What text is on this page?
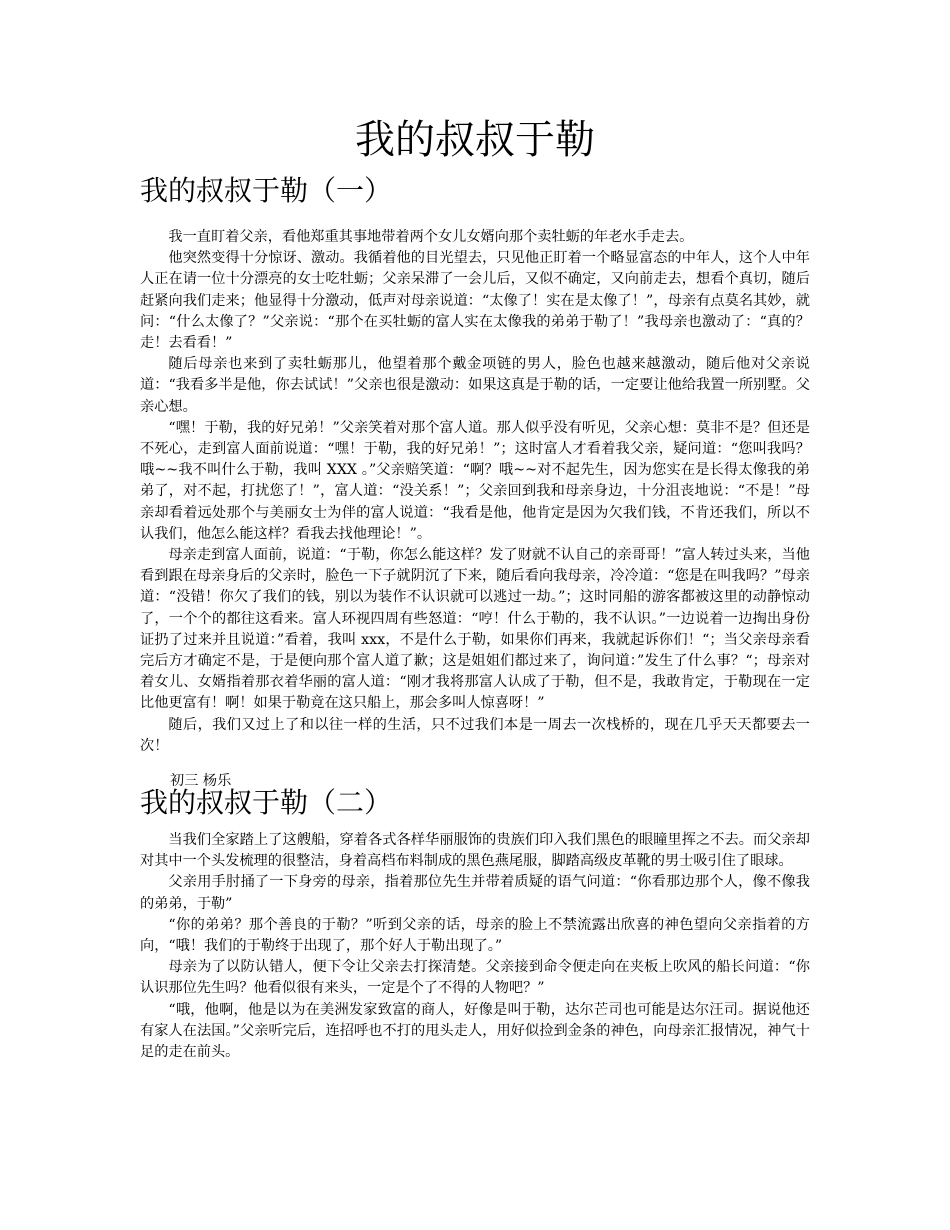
我的叔叔于勒
我的叔叔于勒（一）

我一直盯着父亲，看他郑重其事地带着两个女儿女婿向那个卖牡蛎的年老水手走去。

他突然变得十分惊讶、激动。我循着他的目光望去，只见他正盯着一个略显富态的中年人，这个人中年人正在请一位十分漂亮的女士吃牡蛎；父亲呆滞了一会儿后，又似不确定，又向前走去，想看个真切，随后赶紧向我们走来；他显得十分激动，低声对母亲说道：“太像了！实在是太像了！”，母亲有点莫名其妙，就问：“什么太像了？”父亲说：“那个在买牡蛎的富人实在太像我的弟弟于勒了！”我母亲也激动了：“真的？走！去看看！”

随后母亲也来到了卖牡蛎那儿，他望着那个戴金项链的男人，脸色也越来越激动，随后他对父亲说道：“我看多半是他，你去试试！”父亲也很是激动：如果这真是于勒的话，一定要让他给我置一所别墅。父亲心想。

“嘿！于勒，我的好兄弟！”父亲笑着对那个富人道。那人似乎没有听见，父亲心想：莫非不是？但还是不死心，走到富人面前说道：“嘿！于勒，我的好兄弟！”；这时富人才看着我父亲，疑问道：“您叫我吗？哦~~我不叫什么于勒，我叫 XXX 。”父亲赔笑道：“啊？哦~~对不起先生，因为您实在是长得太像我的弟弟了，对不起，打扰您了！”，富人道：“没关系！”；父亲回到我和母亲身边，十分沮丧地说：“不是！”母亲却看着远处那个与美丽女士为伴的富人说道：“我看是他，他肯定是因为欠我们钱，不肯还我们，所以不认我们，他怎么能这样？看我去找他理论！”。

母亲走到富人面前，说道：“于勒，你怎么能这样？发了财就不认自己的亲哥哥！”富人转过头来，当他看到跟在母亲身后的父亲时，脸色一下子就阴沉了下来，随后看向我母亲，冷冷道：“您是在叫我吗？”母亲道：“没错！你欠了我们的钱，别以为装作不认识就可以逃过一劫。”；这时同船的游客都被这里的动静惊动了，一个个的都往这看来。富人环视四周有些怒道：“哼！什么于勒的，我不认识。”一边说着一边掏出身份证扔了过来并且说道：”看着，我叫 xxx，不是什么于勒，如果你们再来，我就起诉你们！“；当父亲母亲看完后方才确定不是，于是便向那个富人道了歉；这是姐姐们都过来了，询问道：”发生了什么事？“；母亲对着女儿、女婿指着那衣着华丽的富人道：“刚才我将那富人认成了于勒，但不是，我敢肯定，于勒现在一定比他更富有！啊！如果于勒竟在这只船上，那会多叫人惊喜呀！”

随后，我们又过上了和以往一样的生活，只不过我们本是一周去一次栈桥的，现在几乎天天都要去一次！

初三 杨乐

我的叔叔于勒（二）

当我们全家踏上了这艘船，穿着各式各样华丽服饰的贵族们印入我们黑色的眼瞳里挥之不去。而父亲却对其中一个头发梳理的很整洁，身着高档布料制成的黑色燕尾服，脚踏高级皮革靴的男士吸引住了眼球。

父亲用手肘捅了一下身旁的母亲，指着那位先生并带着质疑的语气问道：“你看那边那个人，像不像我的弟弟，于勒”

“你的弟弟？那个善良的于勒？”听到父亲的话，母亲的脸上不禁流露出欣喜的神色望向父亲指着的方向，“哦！我们的于勒终于出现了，那个好人于勒出现了。”

母亲为了以防认错人，便下令让父亲去打探清楚。父亲接到命令便走向在夹板上吹风的船长问道：“你认识那位先生吗？他看似很有来头，一定是个了不得的人物吧？”

“哦，他啊，他是以为在美洲发家致富的商人，好像是叫于勒，达尔芒司也可能是达尔汪司。据说他还有家人在法国。”父亲听完后，连招呼也不打的甩头走人，用好似捡到金条的神色，向母亲汇报情况，神气十足的走在前头。
